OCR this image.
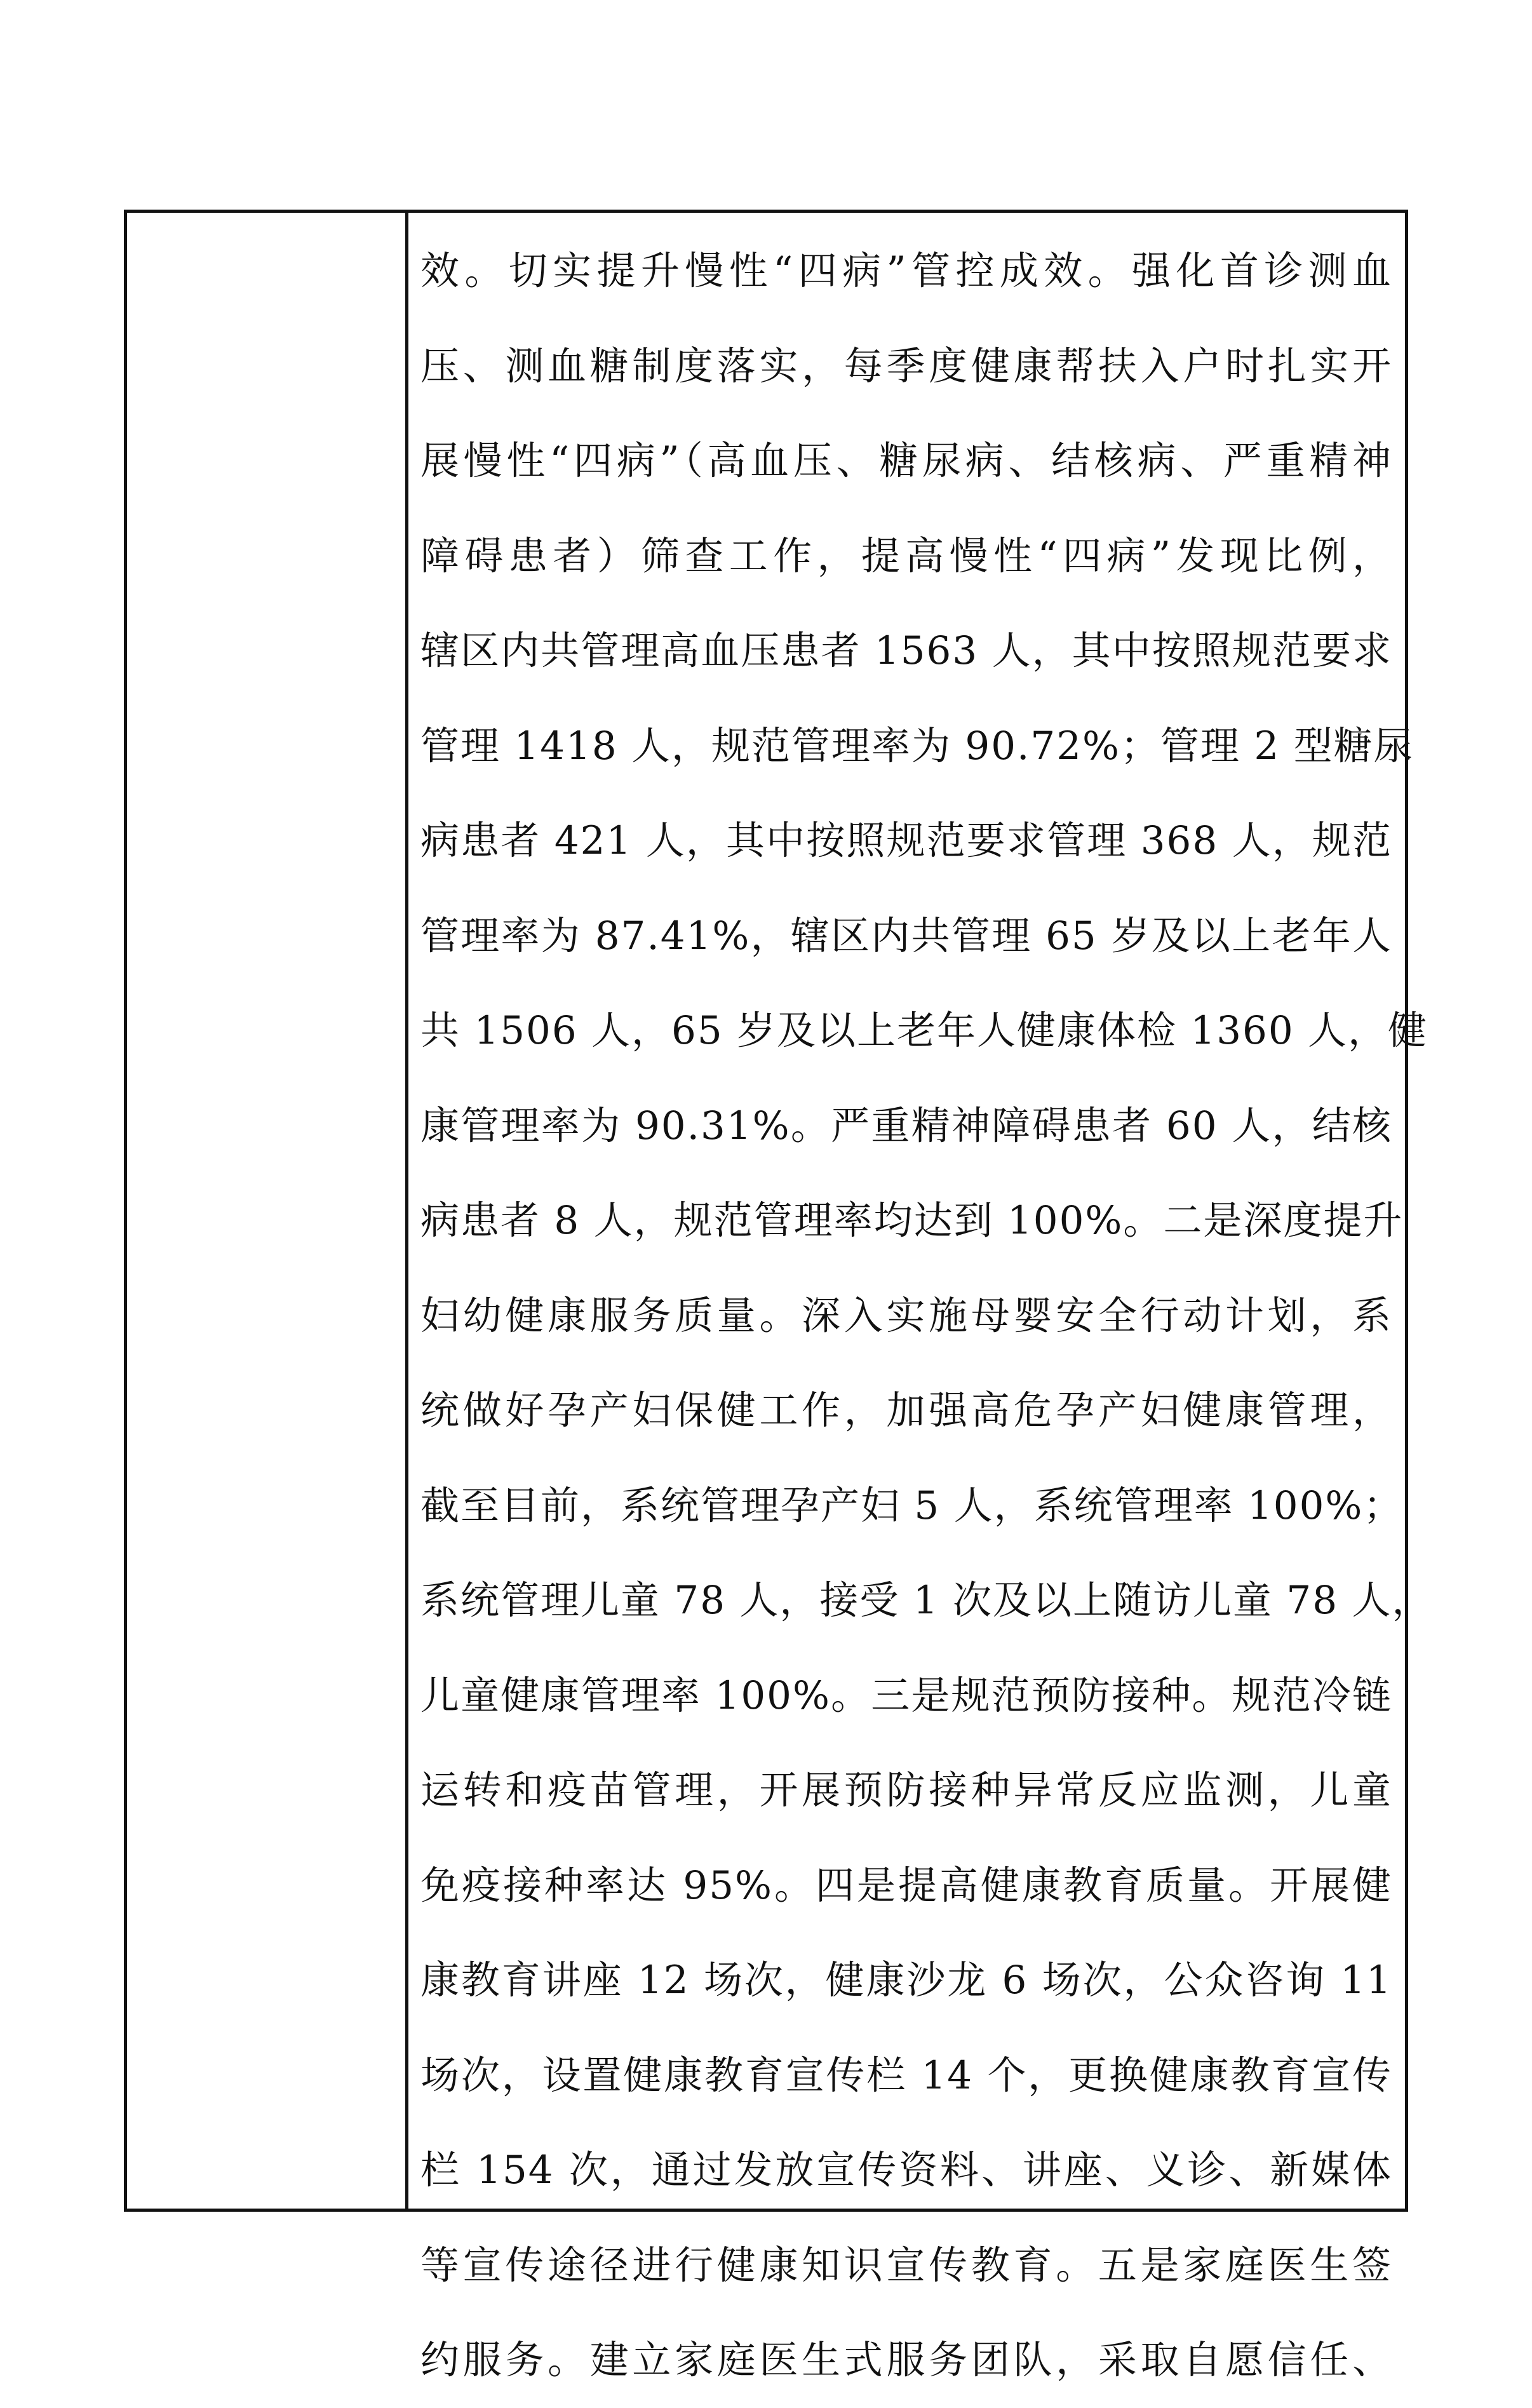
效。切实提升慢性“四病”管控成效。强化首诊测血
压、测血糖制度落实，每季度健康帮扶入户时扎实开
展慢性“四病”（高血压、糖尿病、结核病、严重精神
障碍患者）筛查工作，提高慢性“四病”发现比例，
辖区内共管理高血压患者 1563 人，其中按照规范要求
管理 1418 人，规范管理率为 90.72%；管理 2 型糖尿
病患者 421 人，其中按照规范要求管理 368 人，规范
管理率为 87.41%，辖区内共管理 65 岁及以上老年人
共 1506 人，65 岁及以上老年人健康体检 1360 人，健
康管理率为 90.31%。严重精神障碍患者 60 人，结核
病患者 8 人，规范管理率均达到 100%。二是深度提升
妇幼健康服务质量。深入实施母婴安全行动计划，系
统做好孕产妇保健工作，加强高危孕产妇健康管理，
截至目前，系统管理孕产妇 5 人，系统管理率 100%；
系统管理儿童 78 人，接受 1 次及以上随访儿童 78 人，
儿童健康管理率 100%。三是规范预防接种。规范冷链
运转和疫苗管理，开展预防接种异常反应监测，儿童
免疫接种率达 95%。四是提高健康教育质量。开展健
康教育讲座 12 场次，健康沙龙 6 场次，公众咨询 11
场次，设置健康教育宣传栏 14 个，更换健康教育宣传
栏 154 次，通过发放宣传资料、讲座、义诊、新媒体
等宣传途径进行健康知识宣传教育。五是家庭医生签
约服务。建立家庭医生式服务团队，采取自愿信任、
